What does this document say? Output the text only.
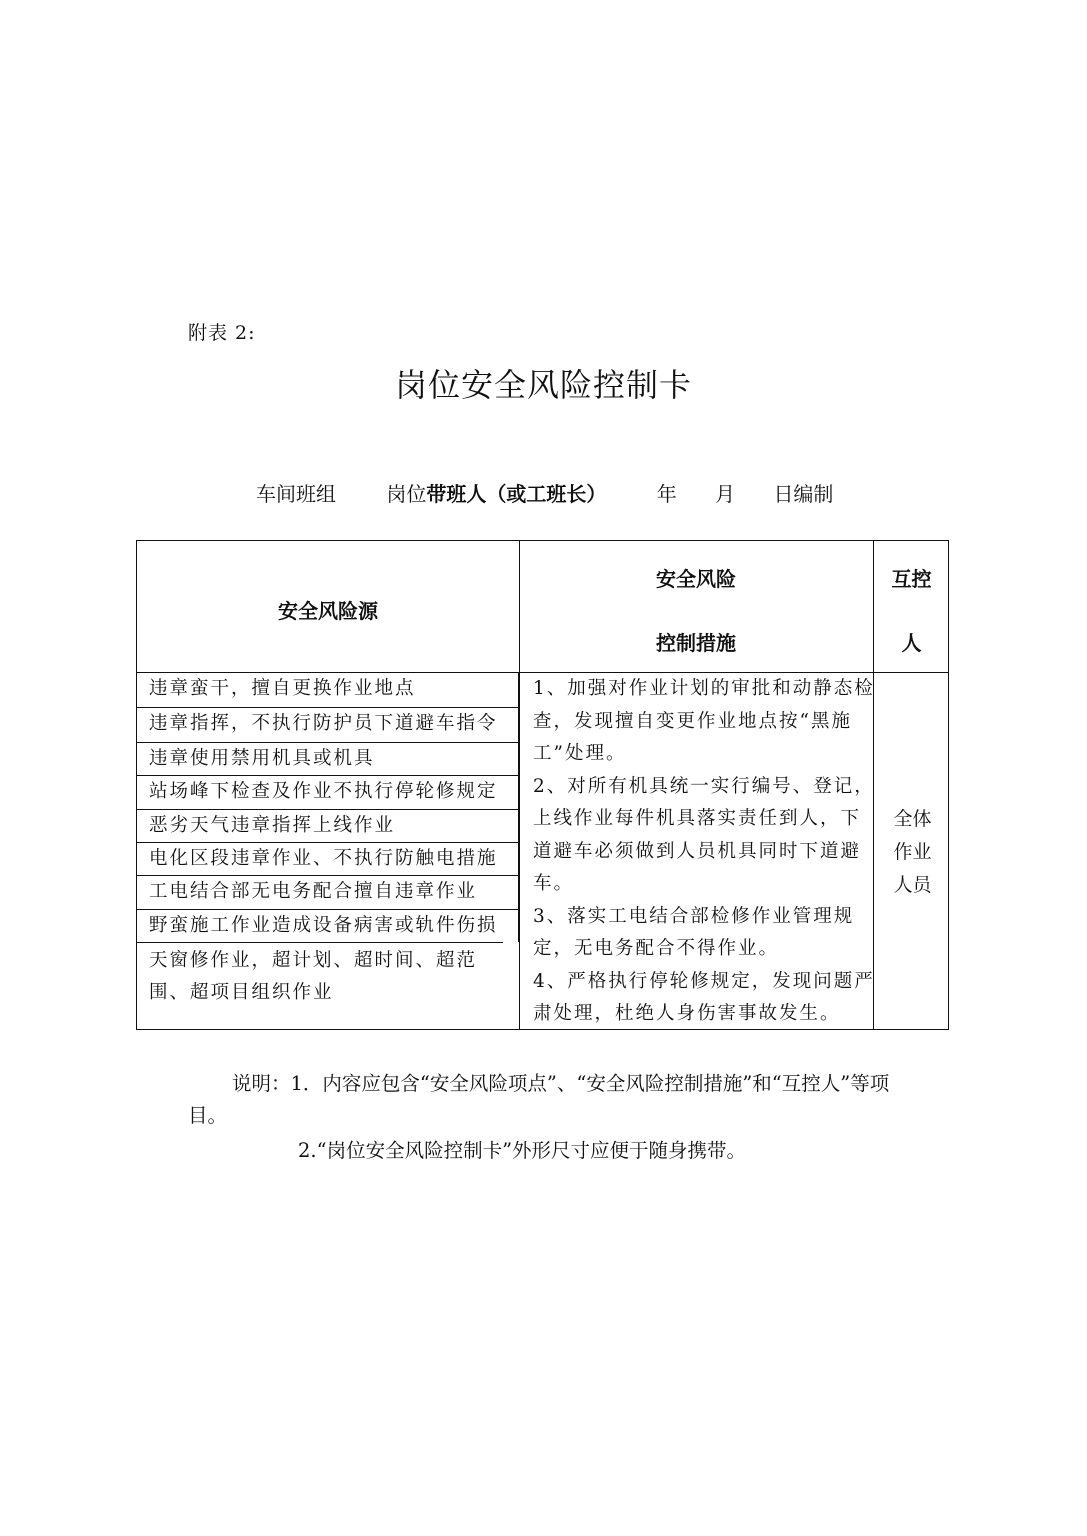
附表 2:
岗位安全风险控制卡
车间班组	岗位带班人（或工班长）	年 月 日编制
安全风险源
安全风险
控制措施
互控
人
违章蛮干，擅自更换作业地点
违章指挥，不执行防护员下道避车指令
违章使用禁用机具或机具
站场峰下检查及作业不执行停轮修规定
恶劣天气违章指挥上线作业
电化区段违章作业、不执行防触电措施
工电结合部无电务配合擅自违章作业
野蛮施工作业造成设备病害或轨件伤损
天窗修作业，超计划、超时间、超范围、超项目组织作业

1、加强对作业计划的审批和动静态检查，发现擅自变更作业地点按“黑施工”处理。

2、对所有机具统一实行编号、登记，上线作业每件机具落实责任到人，下道避车必须做到人员机具同时下道避车。

3、落实工电结合部检修作业管理规定，无电务配合不得作业。

4、严格执行停轮修规定，发现问题严肃处理，杜绝人身伤害事故发生。

全体
作业
人员
说明：1．内容应包含“安全风险项点”、“安全风险控制措施”和“互控人”等项目。
2.“岗位安全风险控制卡”外形尺寸应便于随身携带。
